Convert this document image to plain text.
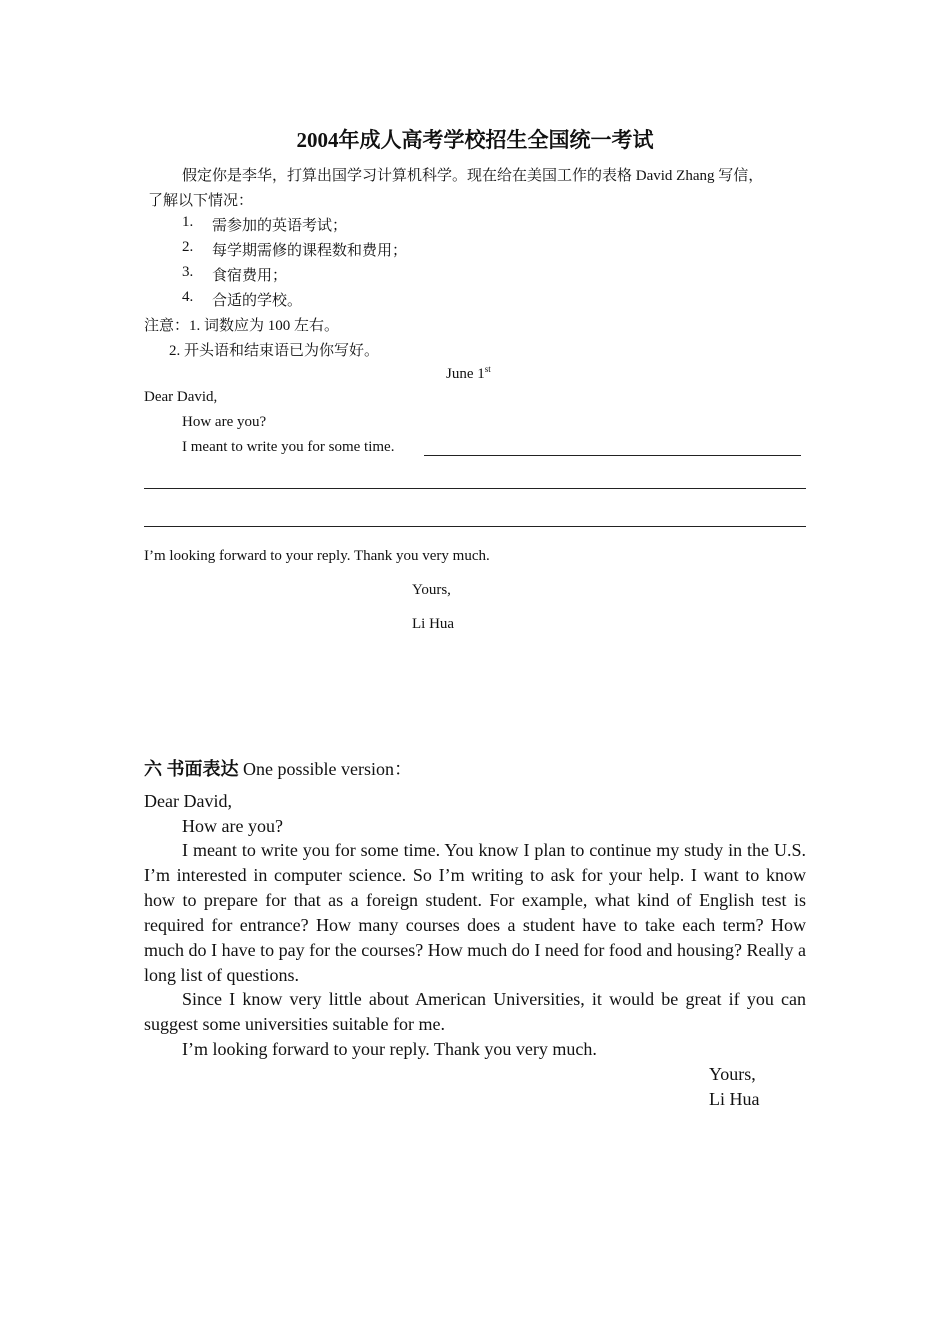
2004年成人高考学校招生全国统一考试
假定你是李华，打算出国学习计算机科学。现在给在美国工作的表格 David Zhang 写信，
了解以下情况：
1. 需参加的英语考试；
2. 每学期需修的课程数和费用；
3. 食宿费用；
4. 合适的学校。
注意：1. 词数应为 100 左右。
2. 开头语和结束语已为你写好。
June 1st
Dear David,
How are you?
I meant to write you for some time.
I’m looking forward to your reply. Thank you very much.
Yours,
Li Hua
六 书面表达 One possible version：
Dear David,
How are you?
I meant to write you for some time. You know I plan to continue my study in the U.S. I’m interested in computer science. So I’m writing to ask for your help. I want to know how to prepare for that as a foreign student. For example, what kind of English test is required for entrance? How many courses does a student have to take each term? How much do I have to pay for the courses? How much do I need for food and housing? Really a long list of questions.
Since I know very little about American Universities, it would be great if you can suggest some universities suitable for me.
I’m looking forward to your reply. Thank you very much.
Yours,
Li Hua
